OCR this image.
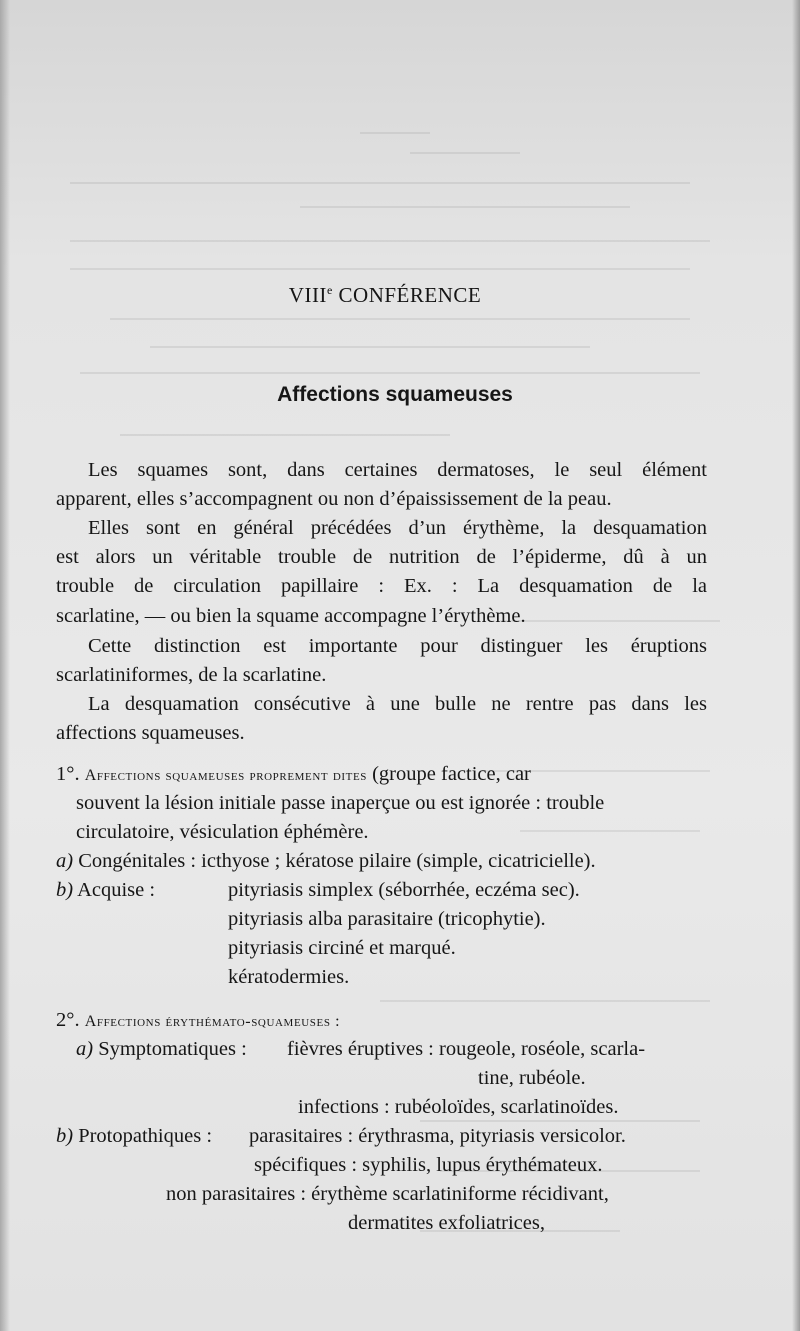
VIIIe CONFÉRENCE
Affections squameuses

Les squames sont, dans certaines dermatoses, le seul élément
apparent, elles s’accompagnent ou non d’épaississement de la peau.

Elles sont en général précédées d’un érythème, la desquamation
est alors un véritable trouble de nutrition de l’épiderme, dû à un
trouble de circulation papillaire : Ex. : La desquamation de la
scarlatine, — ou bien la squame accompagne l’érythème.

Cette distinction est importante pour distinguer les éruptions
scarlatiniformes, de la scarlatine.

La desquamation consécutive à une bulle ne rentre pas dans les
affections squameuses.

1°. Affections squameuses proprement dites (groupe factice, car
souvent la lésion initiale passe inaperçue ou est ignorée : trouble
circulatoire, vésiculation éphémère.
a) Congénitales : icthyose ; kératose pilaire (simple, cicatricielle).
b) Acquise :	pityriasis simplex (séborrhée, eczéma sec).
pityriasis alba parasitaire (tricophytie).
pityriasis circiné et marqué.
kératodermies.
2°. Affections érythémato-squameuses :
a) Symptomatiques : fièvres éruptives : rougeole, roséole, scarla-
tine, rubéole.
infections : rubéoloïdes, scarlatinoïdes.
b) Protopathiques : parasitaires : érythrasma, pityriasis versicolor.
spécifiques : syphilis, lupus érythémateux.
non parasitaires : érythème scarlatiniforme récidivant,
dermatites exfoliatrices,
